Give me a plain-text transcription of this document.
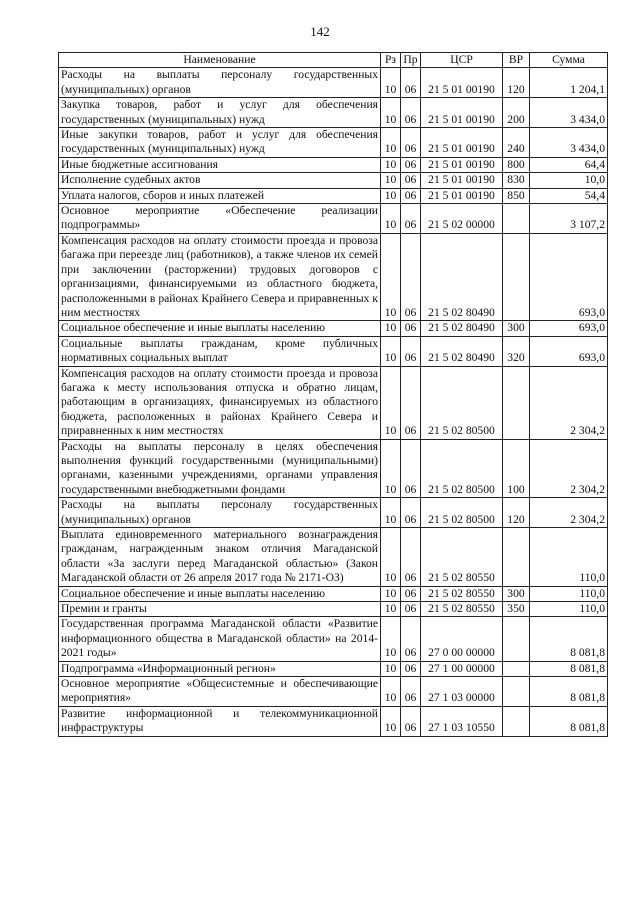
142
Наименование	Рз	Пр	ЦСР	ВР	Сумма
Расходы на выплаты персоналу государственных (муниципальных) органов	10	06	21 5 01 00190	120	1 204,1
Закупка товаров, работ и услуг для обеспечения государственных (муниципальных) нужд	10	06	21 5 01 00190	200	3 434,0
Иные закупки товаров, работ и услуг для обеспечения государственных (муниципальных) нужд	10	06	21 5 01 00190	240	3 434,0
Иные бюджетные ассигнования	10	06	21 5 01 00190	800	64,4
Исполнение судебных актов	10	06	21 5 01 00190	830	10,0
Уплата налогов, сборов и иных платежей	10	06	21 5 01 00190	850	54,4
Основное мероприятие «Обеспечение реализации подпрограммы»	10	06	21 5 02 00000		3 107,2
Компенсация расходов на оплату стоимости проезда и провоза багажа при переезде лиц (работников), а также членов их семей при заключении (расторжении) трудовых договоров с организациями, финансируемыми из областного бюджета, расположенными в районах Крайнего Севера и приравненных к ним местностях	10	06	21 5 02 80490		693,0
Социальное обеспечение и иные выплаты населению	10	06	21 5 02 80490	300	693,0
Социальные выплаты гражданам, кроме публичных нормативных социальных выплат	10	06	21 5 02 80490	320	693,0
Компенсация расходов на оплату стоимости проезда и провоза багажа к месту использования отпуска и обратно лицам, работающим в организациях, финансируемых из областного бюджета, расположенных в районах Крайнего Севера и приравненных к ним местностях	10	06	21 5 02 80500		2 304,2
Расходы на выплаты персоналу в целях обеспечения выполнения функций государственными (муниципальными) органами, казенными учреждениями, органами управления государственными внебюджетными фондами	10	06	21 5 02 80500	100	2 304,2
Расходы на выплаты персоналу государственных (муниципальных) органов	10	06	21 5 02 80500	120	2 304,2
Выплата единовременного материального вознаграждения гражданам, награжденным знаком отличия Магаданской области «За заслуги перед Магаданской областью» (Закон Магаданской области от 26 апреля 2017 года № 2171-ОЗ)	10	06	21 5 02 80550		110,0
Социальное обеспечение и иные выплаты населению	10	06	21 5 02 80550	300	110,0
Премии и гранты	10	06	21 5 02 80550	350	110,0
Государственная программа Магаданской области «Развитие информационного общества в Магаданской области» на 2014-2021 годы»	10	06	27 0 00 00000		8 081,8
Подпрограмма «Информационный регион»	10	06	27 1 00 00000		8 081,8
Основное мероприятие «Общесистемные и обеспечивающие мероприятия»	10	06	27 1 03 00000		8 081,8
Развитие информационной и телекоммуникационной инфраструктуры	10	06	27 1 03 10550		8 081,8
